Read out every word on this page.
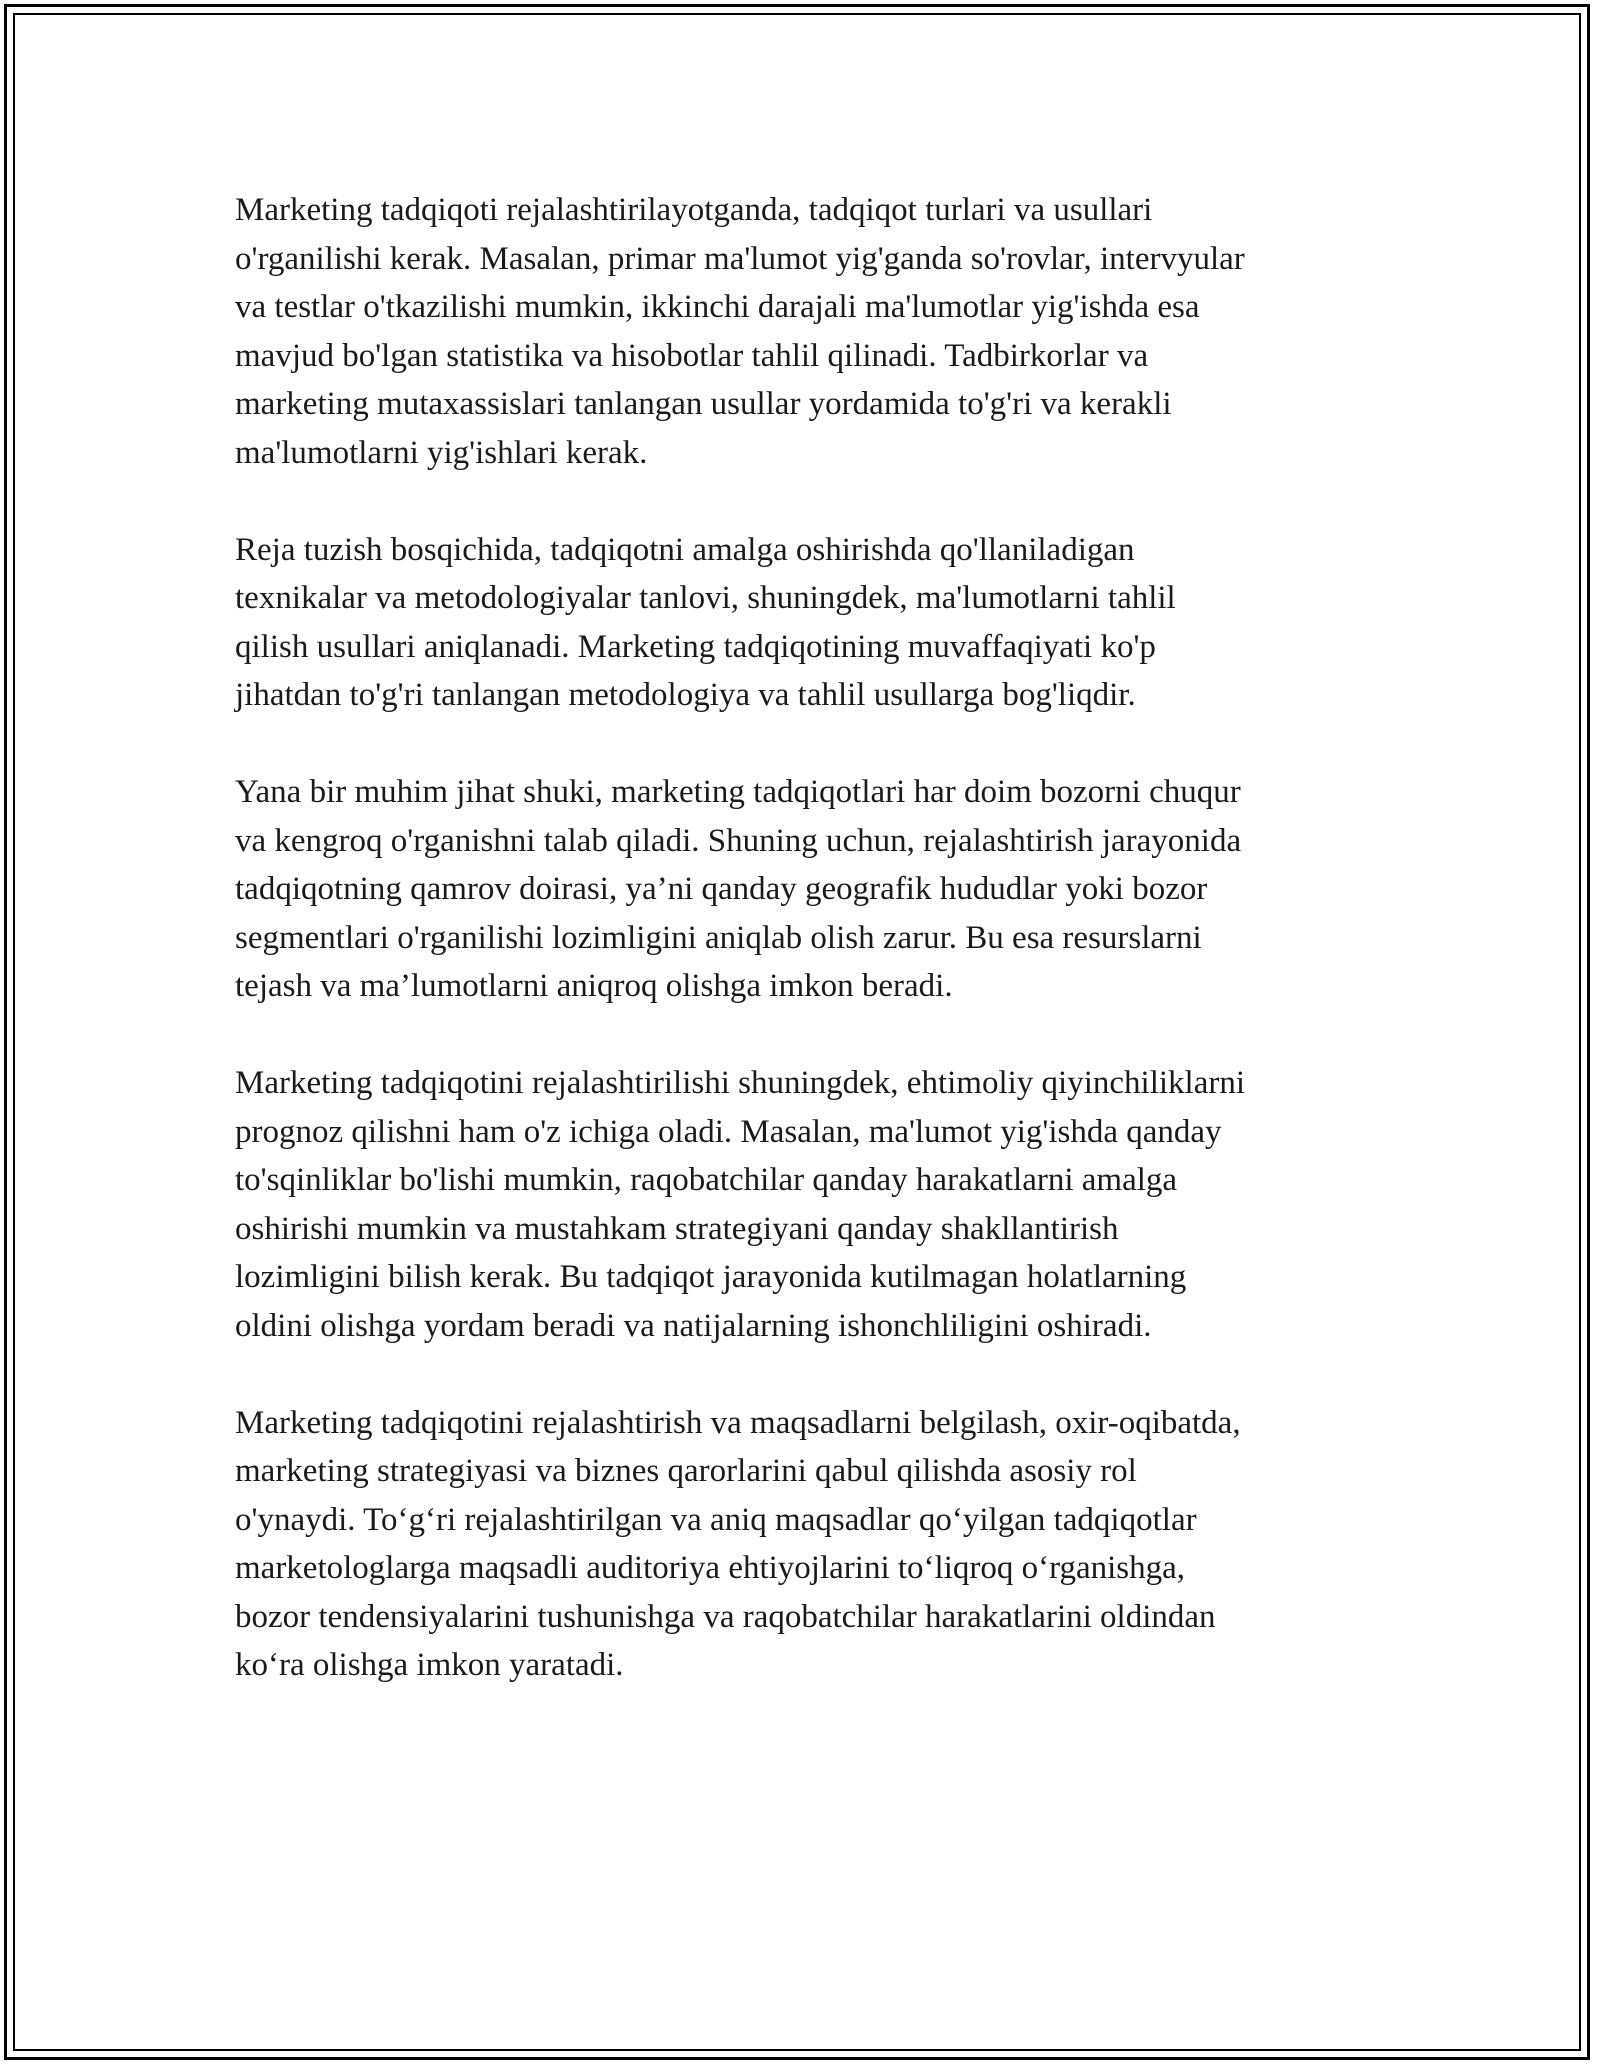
Marketing tadqiqoti rejalashtirilayotganda, tadqiqot turlari va usullari
o'rganilishi kerak. Masalan, primar ma'lumot yig'ganda so'rovlar, intervyular
va testlar o'tkazilishi mumkin, ikkinchi darajali ma'lumotlar yig'ishda esa
mavjud bo'lgan statistika va hisobotlar tahlil qilinadi. Tadbirkorlar va
marketing mutaxassislari tanlangan usullar yordamida to'g'ri va kerakli
ma'lumotlarni yig'ishlari kerak.

Reja tuzish bosqichida, tadqiqotni amalga oshirishda qo'llaniladigan
texnikalar va metodologiyalar tanlovi, shuningdek, ma'lumotlarni tahlil
qilish usullari aniqlanadi. Marketing tadqiqotining muvaffaqiyati ko'p
jihatdan to'g'ri tanlangan metodologiya va tahlil usullarga bog'liqdir.

Yana bir muhim jihat shuki, marketing tadqiqotlari har doim bozorni chuqur
va kengroq o'rganishni talab qiladi. Shuning uchun, rejalashtirish jarayonida
tadqiqotning qamrov doirasi, ya’ni qanday geografik hududlar yoki bozor
segmentlari o'rganilishi lozimligini aniqlab olish zarur. Bu esa resurslarni
tejash va ma’lumotlarni aniqroq olishga imkon beradi.

Marketing tadqiqotini rejalashtirilishi shuningdek, ehtimoliy qiyinchiliklarni
prognoz qilishni ham o'z ichiga oladi. Masalan, ma'lumot yig'ishda qanday
to'sqinliklar bo'lishi mumkin, raqobatchilar qanday harakatlarni amalga
oshirishi mumkin va mustahkam strategiyani qanday shakllantirish
lozimligini bilish kerak. Bu tadqiqot jarayonida kutilmagan holatlarning
oldini olishga yordam beradi va natijalarning ishonchliligini oshiradi.

Marketing tadqiqotini rejalashtirish va maqsadlarni belgilash, oxir-oqibatda,
marketing strategiyasi va biznes qarorlarini qabul qilishda asosiy rol
o'ynaydi. To‘g‘ri rejalashtirilgan va aniq maqsadlar qo‘yilgan tadqiqotlar
marketologlarga maqsadli auditoriya ehtiyojlarini to‘liqroq o‘rganishga,
bozor tendensiyalarini tushunishga va raqobatchilar harakatlarini oldindan
ko‘ra olishga imkon yaratadi.
